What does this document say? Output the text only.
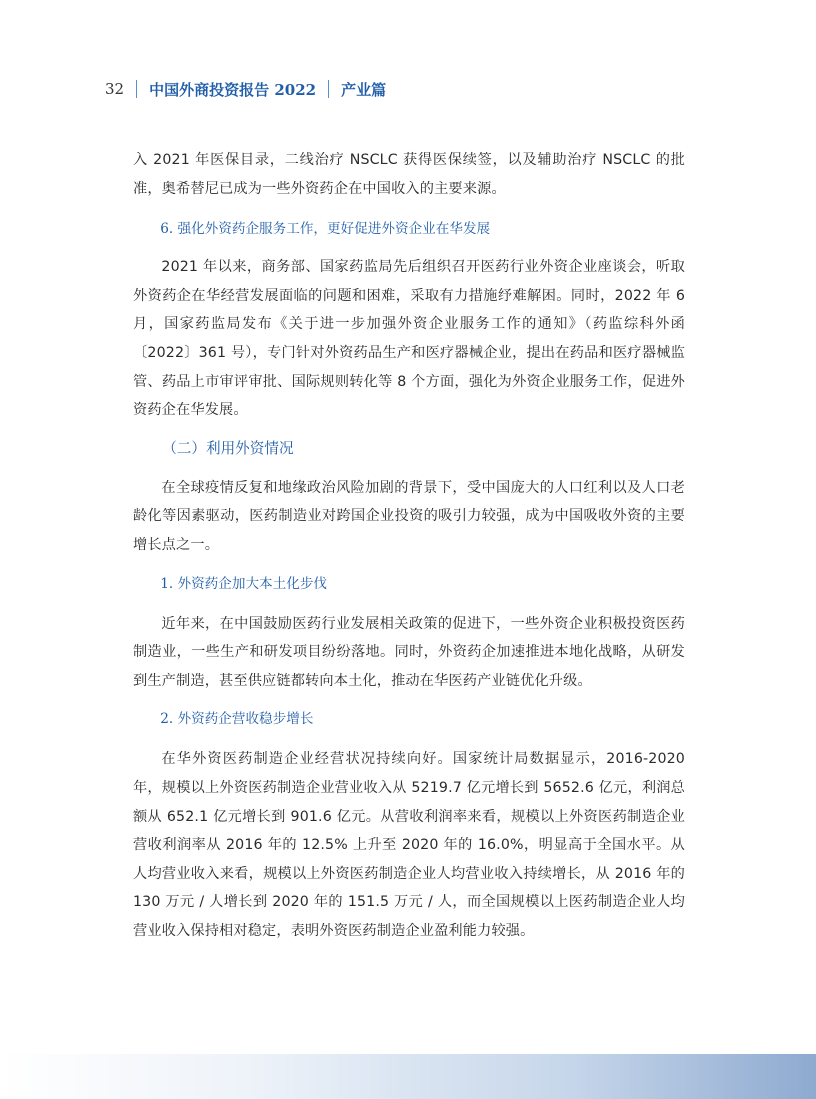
32 中国外商投资报告 2022 产业篇

入 2021 年医保目录，二线治疗 NSCLC 获得医保续签，以及辅助治疗 NSCLC 的批准，奥希替尼已成为一些外资药企在中国收入的主要来源。

6. 强化外资药企服务工作，更好促进外资企业在华发展

2021 年以来，商务部、国家药监局先后组织召开医药行业外资企业座谈会，听取外资药企在华经营发展面临的问题和困难，采取有力措施纾难解困。同时，2022 年 6 月，国家药监局发布《关于进一步加强外资企业服务工作的通知》（药监综科外函〔2022〕361 号），专门针对外资药品生产和医疗器械企业，提出在药品和医疗器械监管、药品上市审评审批、国际规则转化等 8 个方面，强化为外资企业服务工作，促进外资药企在华发展。

（二）利用外资情况

在全球疫情反复和地缘政治风险加剧的背景下，受中国庞大的人口红利以及人口老龄化等因素驱动，医药制造业对跨国企业投资的吸引力较强，成为中国吸收外资的主要增长点之一。

1. 外资药企加大本土化步伐

近年来，在中国鼓励医药行业发展相关政策的促进下，一些外资企业积极投资医药制造业，一些生产和研发项目纷纷落地。同时，外资药企加速推进本地化战略，从研发到生产制造，甚至供应链都转向本土化，推动在华医药产业链优化升级。

2. 外资药企营收稳步增长

在华外资医药制造企业经营状况持续向好。国家统计局数据显示，2016-2020 年，规模以上外资医药制造企业营业收入从 5219.7 亿元增长到 5652.6 亿元，利润总额从 652.1 亿元增长到 901.6 亿元。从营收利润率来看，规模以上外资医药制造企业营收利润率从 2016 年的 12.5% 上升至 2020 年的 16.0%，明显高于全国水平。从人均营业收入来看，规模以上外资医药制造企业人均营业收入持续增长，从 2016 年的 130 万元 / 人增长到 2020 年的 151.5 万元 / 人，而全国规模以上医药制造企业人均营业收入保持相对稳定，表明外资医药制造企业盈利能力较强。
